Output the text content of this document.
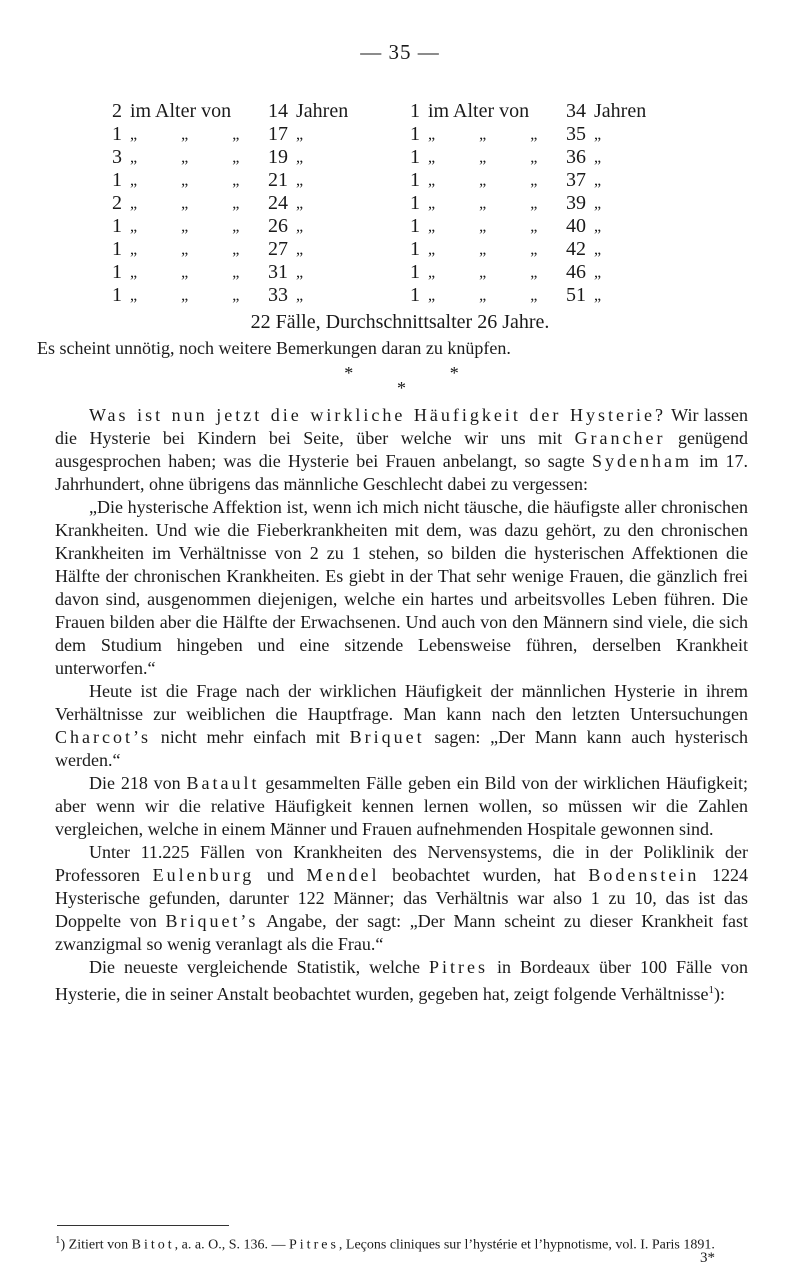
— 35 —
2	im Alter von	14	Jahren	1	im Alter von	34	Jahren
1	„ „ „	17	„	1	„ „ „	35	„
3	„ „ „	19	„	1	„ „ „	36	„
1	„ „ „	21	„	1	„ „ „	37	„
2	„ „ „	24	„	1	„ „ „	39	„
1	„ „ „	26	„	1	„ „ „	40	„
1	„ „ „	27	„	1	„ „ „	42	„
1	„ „ „	31	„	1	„ „ „	46	„
1	„ „ „	33	„	1	„ „ „	51	„
22 Fälle, Durchschnittsalter 26 Jahre.

Es scheint unnötig, noch weitere Bemerkungen daran zu knüpfen.

* *
*

Was ist nun jetzt die wirkliche Häufigkeit der Hysterie? Wir lassen die Hysterie bei Kindern bei Seite, über welche wir uns mit Grancher genügend ausgesprochen haben; was die Hysterie bei Frauen anbelangt, so sagte Sydenham im 17. Jahrhundert, ohne übrigens das männliche Geschlecht dabei zu vergessen:

„Die hysterische Affektion ist, wenn ich mich nicht täusche, die häufigste aller chronischen Krankheiten. Und wie die Fieberkrankheiten mit dem, was dazu gehört, zu den chronischen Krankheiten im Verhältnisse von 2 zu 1 stehen, so bilden die hysterischen Affektionen die Hälfte der chronischen Krankheiten. Es giebt in der That sehr wenige Frauen, die gänzlich frei davon sind, ausgenommen diejenigen, welche ein hartes und arbeitsvolles Leben führen. Die Frauen bilden aber die Hälfte der Erwachsenen. Und auch von den Männern sind viele, die sich dem Studium hingeben und eine sitzende Lebensweise führen, derselben Krankheit unterworfen.“

Heute ist die Frage nach der wirklichen Häufigkeit der männlichen Hysterie in ihrem Verhältnisse zur weiblichen die Hauptfrage. Man kann nach den letzten Untersuchungen Charcot’s nicht mehr einfach mit Briquet sagen: „Der Mann kann auch hysterisch werden.“

Die 218 von Batault gesammelten Fälle geben ein Bild von der wirklichen Häufigkeit; aber wenn wir die relative Häufigkeit kennen lernen wollen, so müssen wir die Zahlen vergleichen, welche in einem Männer und Frauen aufnehmenden Hospitale gewonnen sind.

Unter 11.225 Fällen von Krankheiten des Nervensystems, die in der Poliklinik der Professoren Eulenburg und Mendel beobachtet wurden, hat Bodenstein 1224 Hysterische gefunden, darunter 122 Männer; das Verhältnis war also 1 zu 10, das ist das Doppelte von Briquet’s Angabe, der sagt: „Der Mann scheint zu dieser Krankheit fast zwanzigmal so wenig veranlagt als die Frau.“

Die neueste vergleichende Statistik, welche Pitres in Bordeaux über 100 Fälle von Hysterie, die in seiner Anstalt beobachtet wurden, gegeben hat, zeigt folgende Verhältnisse$^1$):

$^1$) Zitiert von Bitot, a. a. O., S. 136. — Pitres, Leçons cliniques sur l’hystérie et l’hypnotisme, vol. I. Paris 1891.
3*
